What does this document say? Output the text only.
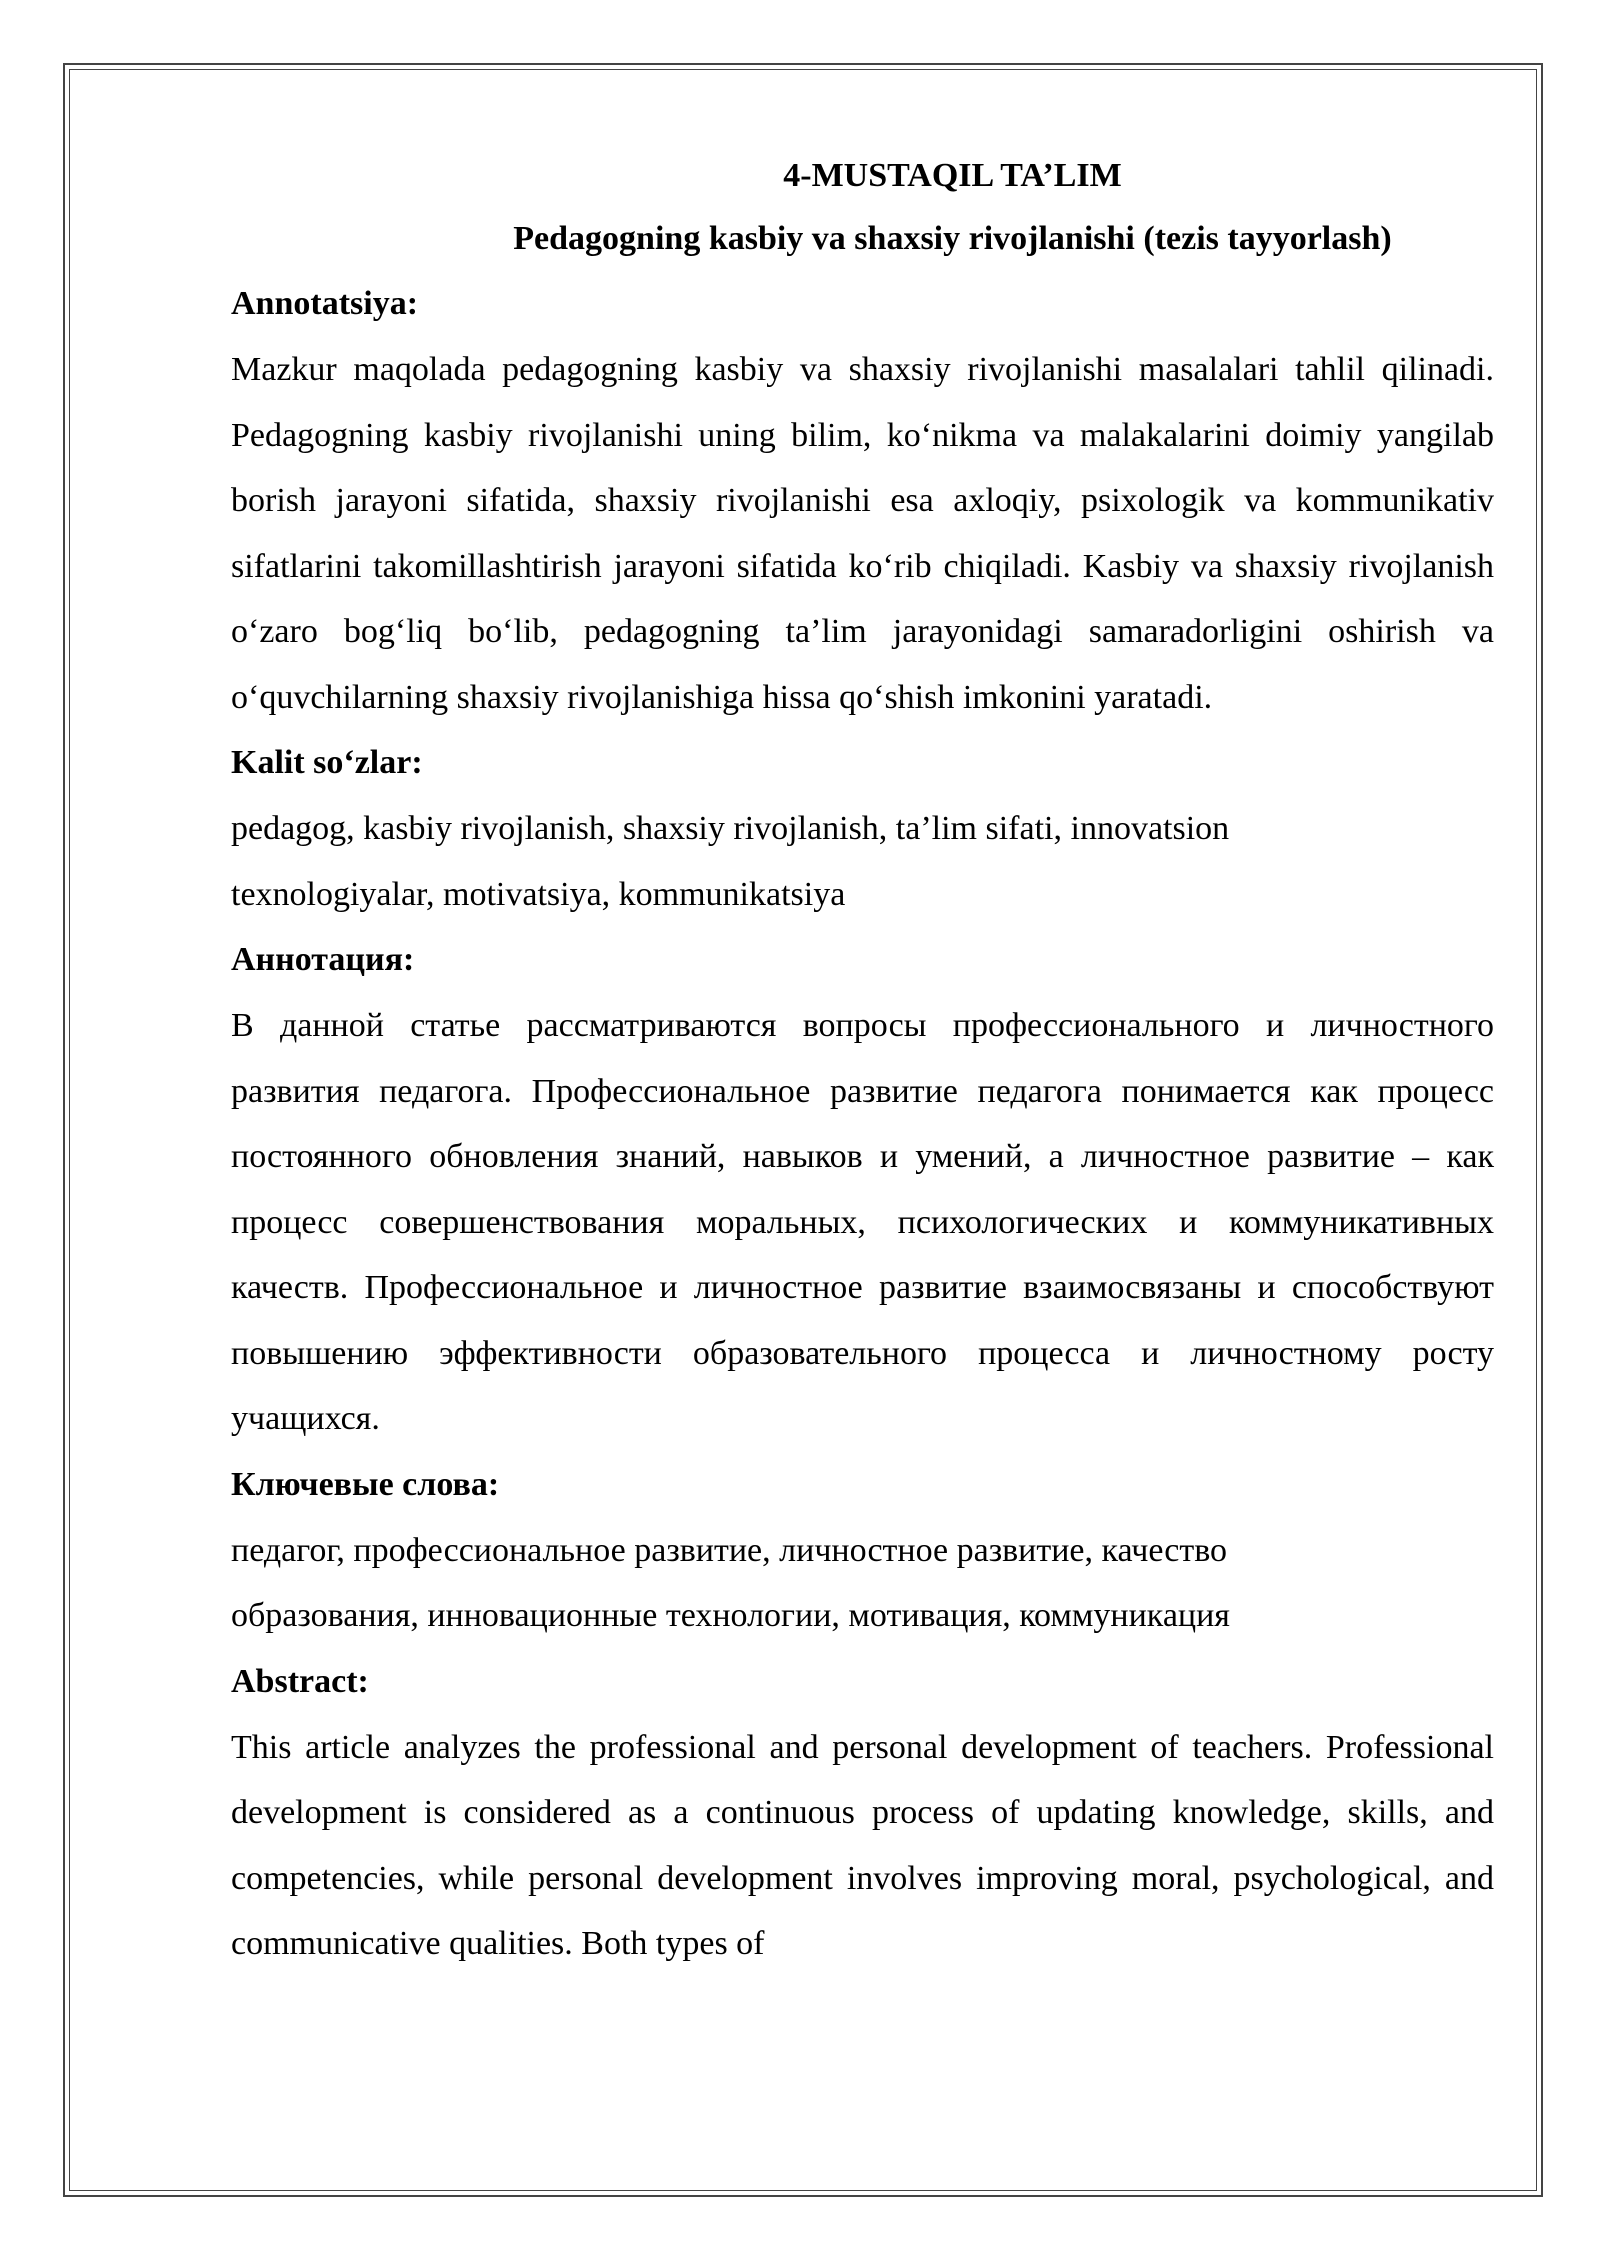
4-MUSTAQIL TA’LIM
Pedagogning kasbiy va shaxsiy rivojlanishi (tezis tayyorlash)
Annotatsiya:

Mazkur maqolada pedagogning kasbiy va shaxsiy rivojlanishi masalalari tahlil qilinadi. Pedagogning kasbiy rivojlanishi uning bilim, ko‘nikma va malakalarini doimiy yangilab borish jarayoni sifatida, shaxsiy rivojlanishi esa axloqiy, psixologik va kommunikativ sifatlarini takomillashtirish jarayoni sifatida ko‘rib chiqiladi. Kasbiy va shaxsiy rivojlanish o‘zaro bog‘liq bo‘lib, pedagogning ta’lim jarayonidagi samaradorligini oshirish va o‘quvchilarning shaxsiy rivojlanishiga hissa qo‘shish imkonini yaratadi.

Kalit so‘zlar:

pedagog, kasbiy rivojlanish, shaxsiy rivojlanish, ta’lim sifati, innovatsion

texnologiyalar, motivatsiya, kommunikatsiya

Аннотация:

В данной статье рассматриваются вопросы профессионального и личностного развития педагога. Профессиональное развитие педагога понимается как процесс постоянного обновления знаний, навыков и умений, а личностное развитие – как процесс совершенствования моральных, психологических и коммуникативных качеств. Профессиональное и личностное развитие взаимосвязаны и способствуют повышению эффективности образовательного процесса и личностному росту учащихся.

Ключевые слова:

педагог, профессиональное развитие, личностное развитие, качество

образования, инновационные технологии, мотивация, коммуникация

Abstract:

This article analyzes the professional and personal development of teachers. Professional development is considered as a continuous process of updating knowledge, skills, and competencies, while personal development involves improving moral, psychological, and communicative qualities. Both types of
